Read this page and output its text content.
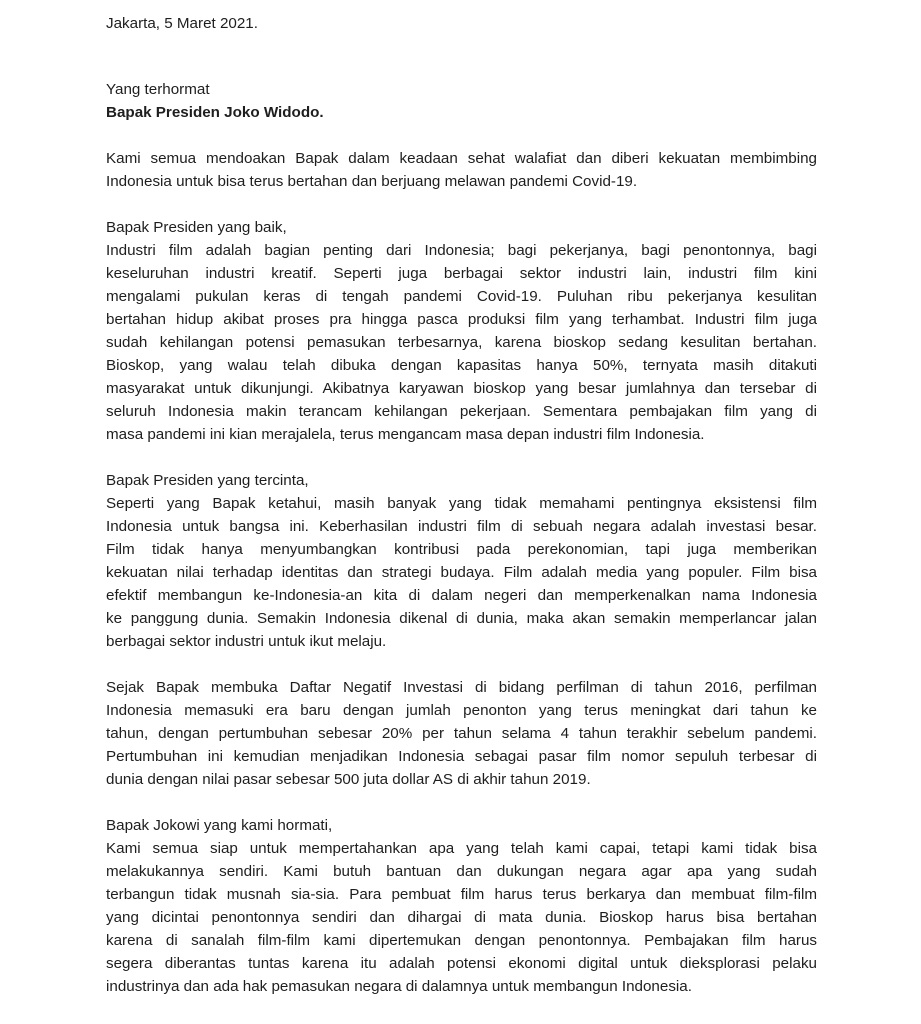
Jakarta, 5 Maret 2021.
Yang terhormat
Bapak Presiden Joko Widodo.
Kami semua mendoakan Bapak dalam keadaan sehat walafiat dan diberi kekuatan membimbing
Indonesia untuk bisa terus bertahan dan berjuang melawan pandemi Covid-19.
Bapak Presiden yang baik,
Industri film adalah bagian penting dari Indonesia; bagi pekerjanya, bagi penontonnya, bagi
keseluruhan industri kreatif. Seperti juga berbagai sektor industri lain, industri film kini
mengalami pukulan keras di tengah pandemi Covid-19. Puluhan ribu pekerjanya kesulitan
bertahan hidup akibat proses pra hingga pasca produksi film yang terhambat. Industri film juga
sudah kehilangan potensi pemasukan terbesarnya, karena bioskop sedang kesulitan bertahan.
Bioskop, yang walau telah dibuka dengan kapasitas hanya 50%, ternyata masih ditakuti
masyarakat untuk dikunjungi. Akibatnya karyawan bioskop yang besar jumlahnya dan tersebar di
seluruh Indonesia makin terancam kehilangan pekerjaan. Sementara pembajakan film yang di
masa pandemi ini kian merajalela, terus mengancam masa depan industri film Indonesia.
Bapak Presiden yang tercinta,
Seperti yang Bapak ketahui, masih banyak yang tidak memahami pentingnya eksistensi film
Indonesia untuk bangsa ini. Keberhasilan industri film di sebuah negara adalah investasi besar.
Film tidak hanya menyumbangkan kontribusi pada perekonomian, tapi juga memberikan
kekuatan nilai terhadap identitas dan strategi budaya. Film adalah media yang populer. Film bisa
efektif membangun ke-Indonesia-an kita di dalam negeri dan memperkenalkan nama Indonesia
ke panggung dunia. Semakin Indonesia dikenal di dunia, maka akan semakin memperlancar jalan
berbagai sektor industri untuk ikut melaju.
Sejak Bapak membuka Daftar Negatif Investasi di bidang perfilman di tahun 2016, perfilman
Indonesia memasuki era baru dengan jumlah penonton yang terus meningkat dari tahun ke
tahun, dengan pertumbuhan sebesar 20% per tahun selama 4 tahun terakhir sebelum pandemi.
Pertumbuhan ini kemudian menjadikan Indonesia sebagai pasar film nomor sepuluh terbesar di
dunia dengan nilai pasar sebesar 500 juta dollar AS di akhir tahun 2019.
Bapak Jokowi yang kami hormati,
Kami semua siap untuk mempertahankan apa yang telah kami capai, tetapi kami tidak bisa
melakukannya sendiri. Kami butuh bantuan dan dukungan negara agar apa yang sudah
terbangun tidak musnah sia-sia. Para pembuat film harus terus berkarya dan membuat film-film
yang dicintai penontonnya sendiri dan dihargai di mata dunia. Bioskop harus bisa bertahan
karena di sanalah film-film kami dipertemukan dengan penontonnya. Pembajakan film harus
segera diberantas tuntas karena itu adalah potensi ekonomi digital untuk dieksplorasi pelaku
industrinya dan ada hak pemasukan negara di dalamnya untuk membangun Indonesia.
